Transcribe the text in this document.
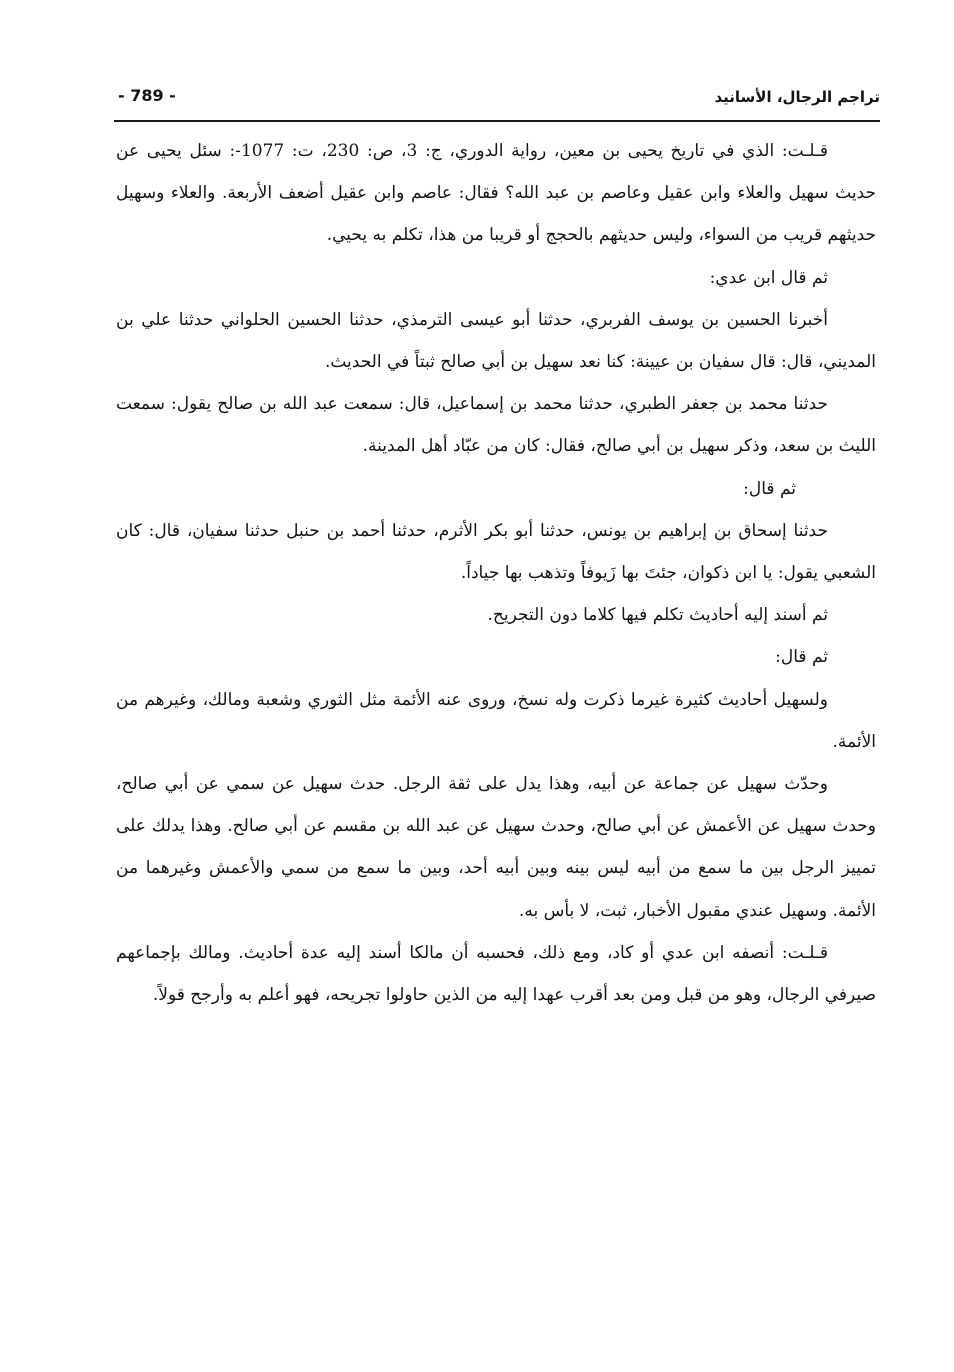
تراجم الرجال، الأسانيد
- 789 -

قـلـت: الذي في تاريخ يحيى بن معين، رواية الدوري، ج: 3، ص: 230، ت: 1077-: سئل يحيى عن حديث سهيل والعلاء وابن عقيل وعاصم بن عبد الله؟ فقال: عاصم وابن عقيل أضعف الأربعة. والعلاء وسهيل حديثهم قريب من السواء، وليس حديثهم بالحجج أو قريبا من هذا، تكلم به يحيي.

ثم قال ابن عدي:

أخبرنا الحسين بن يوسف الفربري، حدثنا أبو عيسى الترمذي، حدثنا الحسين الحلواني حدثنا علي بن المديني، قال: قال سفيان بن عيينة: كنا نعد سهيل بن أبي صالح ثبتاً في الحديث.

حدثنا محمد بن جعفر الطبري، حدثنا محمد بن إسماعيل، قال: سمعت عبد الله بن صالح يقول: سمعت الليث بن سعد، وذكر سهيل بن أبي صالح، فقال: كان من عبّاد أهل المدينة.

ثم قال:

حدثنا إسحاق بن إبراهيم بن يونس، حدثنا أبو بكر الأثرم، حدثنا أحمد بن حنبل حدثنا سفيان، قال: كان الشعبي يقول: يا ابن ذكوان، جئتَ بها زَيوفاً وتذهب بها جياداً.

ثم أسند إليه أحاديث تكلم فيها كلاما دون التجريح.

ثم قال:

ولسهيل أحاديث كثيرة غيرما ذكرت وله نسخ، وروى عنه الأئمة مثل الثوري وشعبة ومالك، وغيرهم من الأئمة.

وحدّث سهيل عن جماعة عن أبيه، وهذا يدل على ثقة الرجل. حدث سهيل عن سمي عن أبي صالح، وحدث سهيل عن الأعمش عن أبي صالح، وحدث سهيل عن عبد الله بن مقسم عن أبي صالح. وهذا يدلك على تمييز الرجل بين ما سمع من أبيه ليس بينه وبين أبيه أحد، وبين ما سمع من سمي والأعمش وغيرهما من الأئمة. وسهيل عندي مقبول الأخبار، ثبت، لا بأس به.

قـلـت: أنصفه ابن عدي أو كاد، ومع ذلك، فحسبه أن مالكا أسند إليه عدة أحاديث. ومالك بإجماعهم صيرفي الرجال، وهو من قبل ومن بعد أقرب عهدا إليه من الذين حاولوا تجريحه، فهو أعلم به وأرجح قولاً.
